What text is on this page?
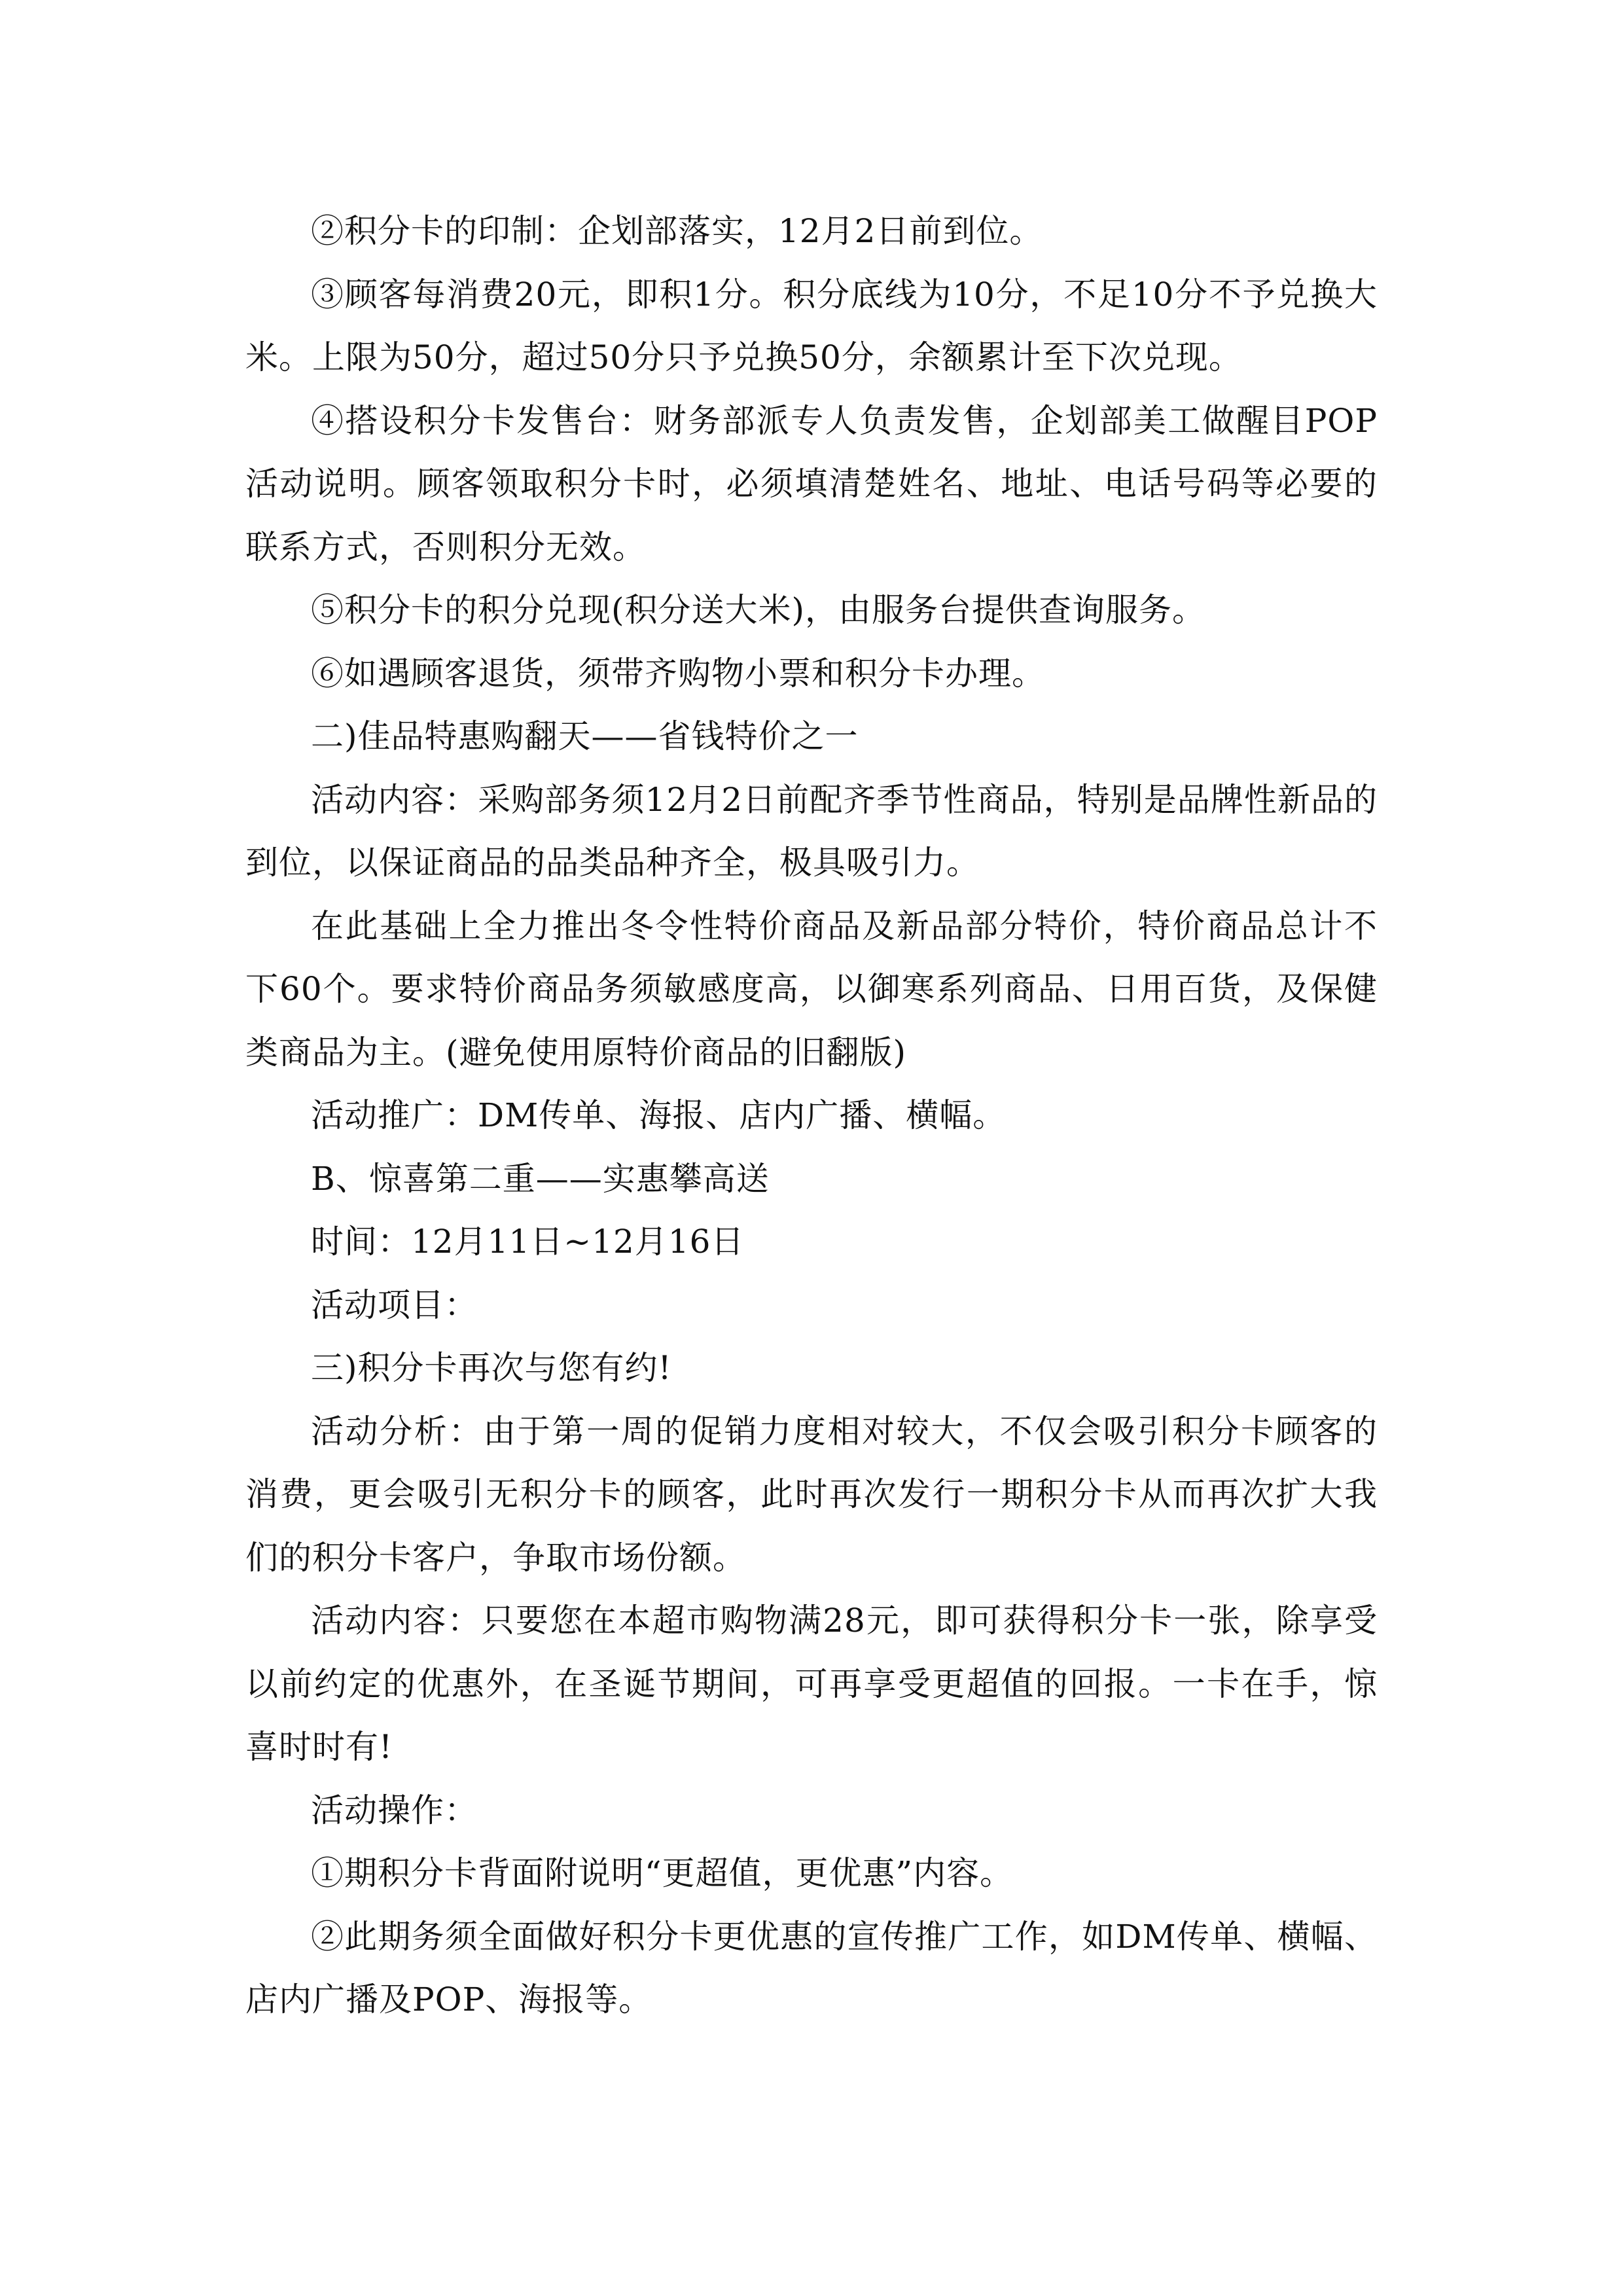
②积分卡的印制：企划部落实，12月2日前到位。

③顾客每消费20元，即积1分。积分底线为10分，不足10分不予兑换大米。上限为50分，超过50分只予兑换50分，余额累计至下次兑现。

④搭设积分卡发售台：财务部派专人负责发售，企划部美工做醒目POP活动说明。顾客领取积分卡时，必须填清楚姓名、地址、电话号码等必要的联系方式，否则积分无效。

⑤积分卡的积分兑现(积分送大米)，由服务台提供查询服务。

⑥如遇顾客退货，须带齐购物小票和积分卡办理。

二)佳品特惠购翻天——省钱特价之一

活动内容：采购部务须12月2日前配齐季节性商品，特别是品牌性新品的到位，以保证商品的品类品种齐全，极具吸引力。

在此基础上全力推出冬令性特价商品及新品部分特价，特价商品总计不下60个。要求特价商品务须敏感度高，以御寒系列商品、日用百货，及保健类商品为主。(避免使用原特价商品的旧翻版)

活动推广：DM传单、海报、店内广播、横幅。

B、惊喜第二重——实惠攀高送

时间：12月11日~12月16日

活动项目：

三)积分卡再次与您有约!

活动分析：由于第一周的促销力度相对较大，不仅会吸引积分卡顾客的消费，更会吸引无积分卡的顾客，此时再次发行一期积分卡从而再次扩大我们的积分卡客户，争取市场份额。

活动内容：只要您在本超市购物满28元，即可获得积分卡一张，除享受以前约定的优惠外，在圣诞节期间，可再享受更超值的回报。一卡在手，惊喜时时有!

活动操作：

①期积分卡背面附说明“更超值，更优惠”内容。

②此期务须全面做好积分卡更优惠的宣传推广工作，如DM传单、横幅、店内广播及POP、海报等。
